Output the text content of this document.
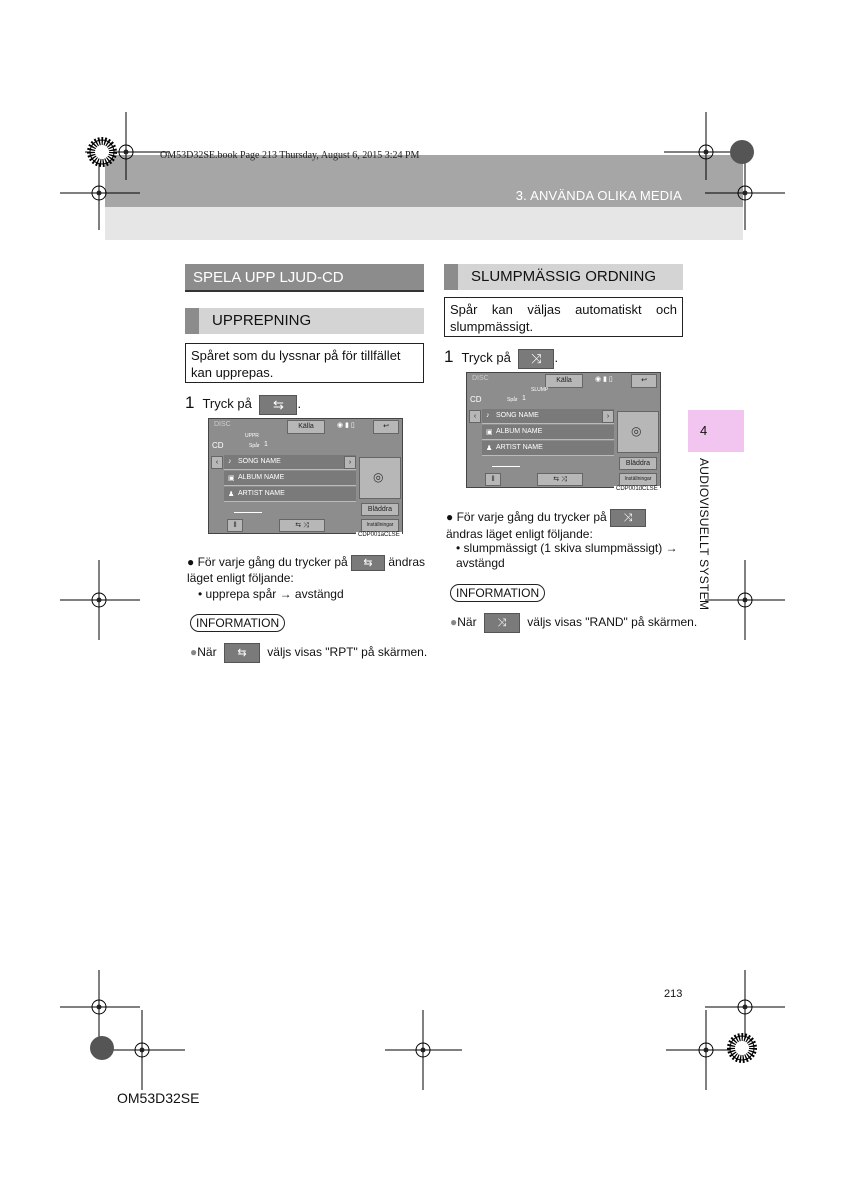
OM53D32SE.book Page 213 Thursday, August 6, 2015 3:24 PM
3. ANVÄNDA OLIKA MEDIA
4
AUDIOVISUELLT SYSTEM
SPELA UPP LJUD-CD
UPPREPNING
Spåret som du lyssnar på för tillfället kan upprepas.
1 Tryck på ⇆ .
DISC	Källa	◉ ▮ ▯	↩
CD
UPPR
Spår 1
♪ SONG NAME
‹	›
▣ ALBUM NAME
♟ ARTIST NAME
◎
Bläddra
Inställningar
ll	⇆ ⤨
CDP001aCLSE
● För varje gång du trycker på ⇆ ändras läget enligt följande:
• upprepa spår → avstängd
INFORMATION
●När ⇆ väljs visas "RPT" på skärmen.
SLUMPMÄSSIG ORDNING
Spår kan väljas automatiskt och slumpmässigt.
1 Tryck på ⤨ .
DISC	Källa	◉ ▮ ▯	↩
CD
SLUMP
Spår 1
♪ SONG NAME
‹	›
▣ ALBUM NAME
♟ ARTIST NAME
◎
Bläddra
Inställningar
ll	⇆ ⤨
CDP001dCLSE
● För varje gång du trycker på ⤨ ändras läget enligt följande:
• slumpmässigt (1 skiva slumpmässigt) → avstängd
INFORMATION
●När ⤨ väljs visas "RAND" på skärmen.
213
OM53D32SE
